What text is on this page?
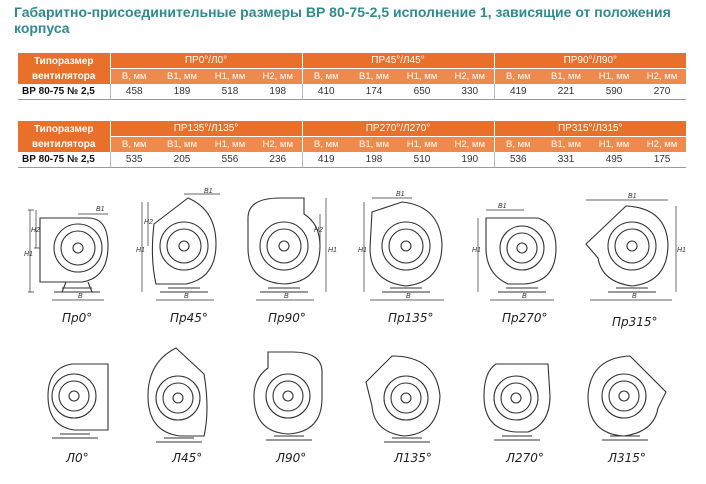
Габаритно-присоединительные размеры ВР 80-75-2,5 исполнение 1, зависящие от положения корпуса
Типоразмер вентилятора	ПР0°/Л0°				ПР45°/Л45°				ПР90°/Л90°			
	B, мм	B1, мм	H1, мм	H2, мм	B, мм	B1, мм	H1, мм	H2, мм	B, мм	B1, мм	H1, мм	H2, мм
ВР 80-75 № 2,5	458	189	518	198	410	174	650	330	419	221	590	270
Типоразмер вентилятора	ПР135°/Л135°				ПР270°/Л270°				ПР315°/Л315°			
	B, мм	B1, мм	H1, мм	H2, мм	B, мм	B1, мм	H1, мм	H2, мм	B, мм	B1, мм	H1, мм	H2, мм
ВР 80-75 № 2,5	535	205	556	236	419	198	510	190	536	331	495	175
H1
H2
B1
B
H1
H2
B1
B
H1
H2
B
H1
B1
B
H1
B1
B
H1
B1
B
Пр0°	Пр45°	Пр90°	Пр135°	Пр270°	Пр315°
Л0°	Л45°	Л90°	Л135°	Л270°	Л315°
